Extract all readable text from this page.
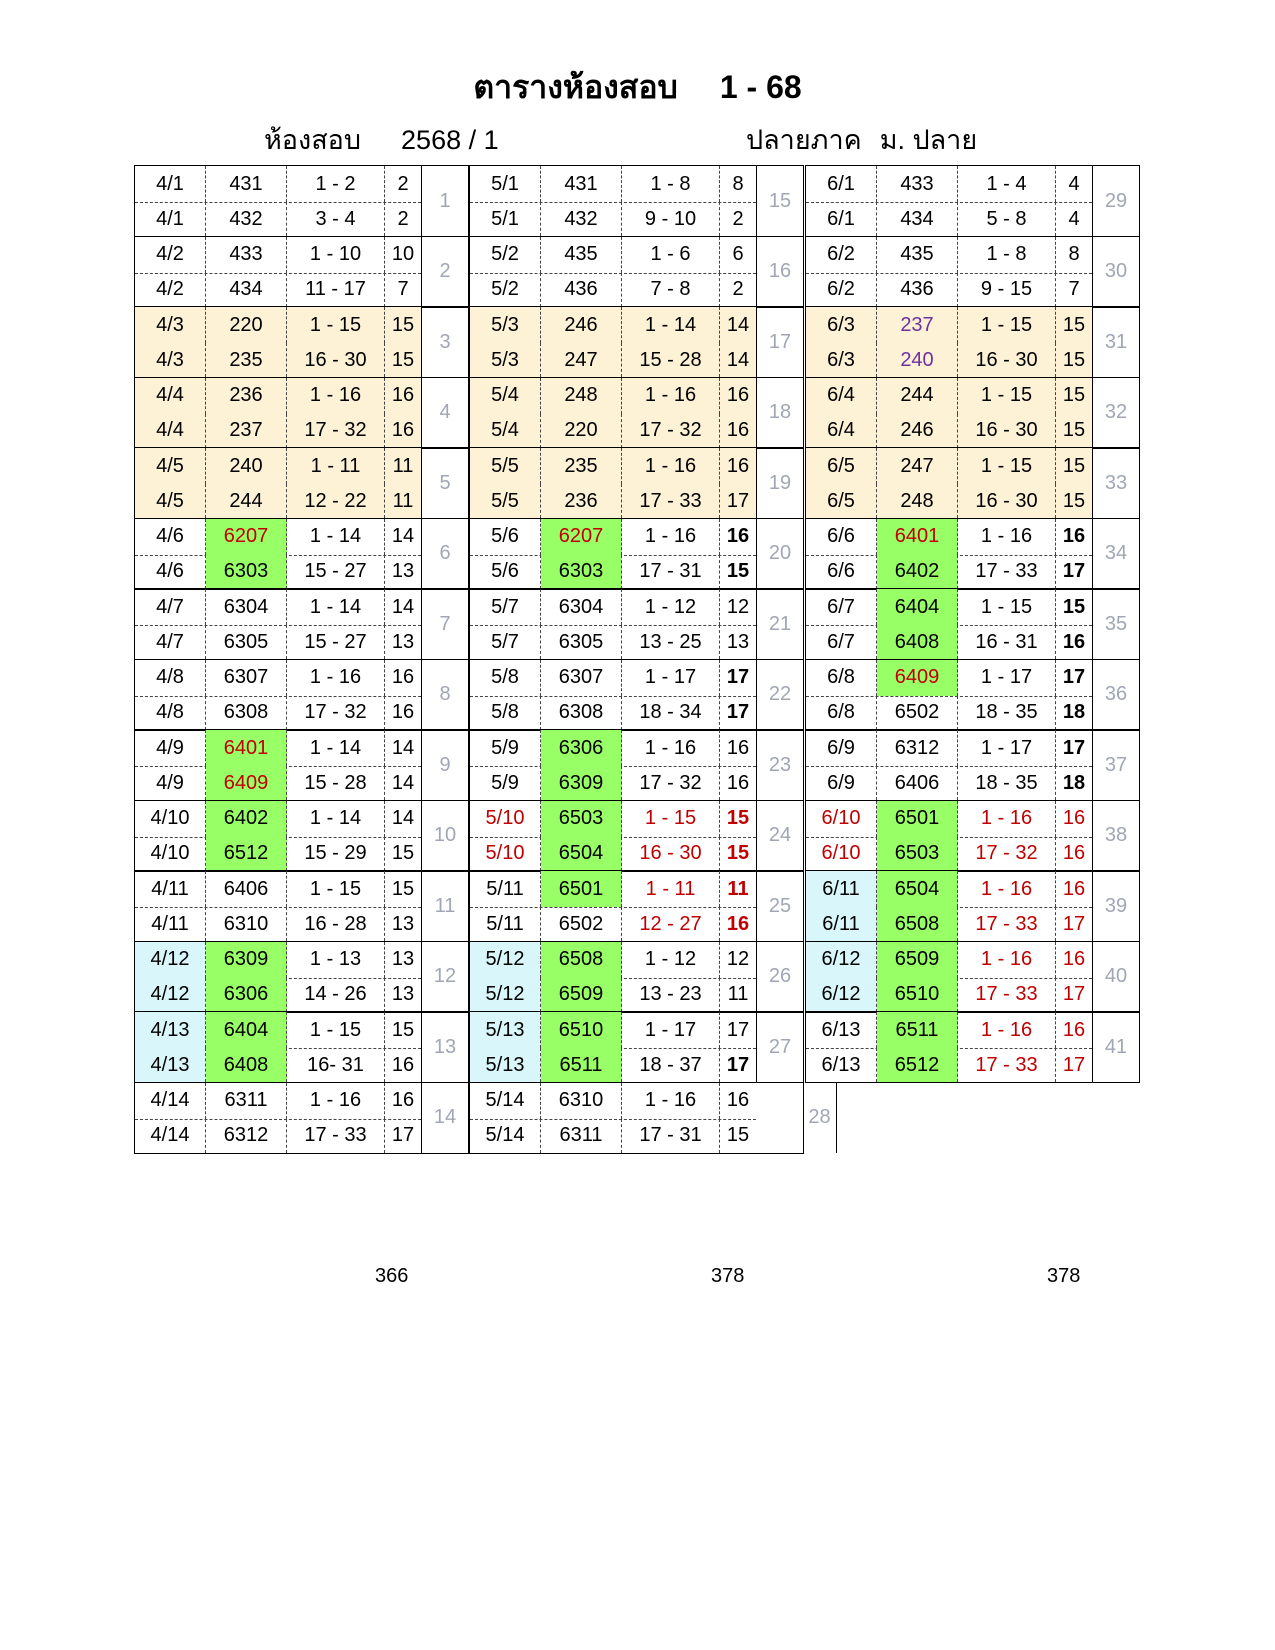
ตารางห้องสอบ 1 - 68
ห้องสอบ 2568 / 1	ปลายภาค ม. ปลาย
4/1	431	1 - 2	2
4/1	432	3 - 4	2
1
4/2	433	1 - 10	10
4/2	434	11 - 17	7
2
4/3	220	1 - 15	15
4/3	235	16 - 30	15
3
4/4	236	1 - 16	16
4/4	237	17 - 32	16
4
4/5	240	1 - 11	11
4/5	244	12 - 22	11
5
4/6	6207	1 - 14	14
4/6	6303	15 - 27	13
6
4/7	6304	1 - 14	14
4/7	6305	15 - 27	13
7
4/8	6307	1 - 16	16
4/8	6308	17 - 32	16
8
4/9	6401	1 - 14	14
4/9	6409	15 - 28	14
9
4/10	6402	1 - 14	14
4/10	6512	15 - 29	15
10
4/11	6406	1 - 15	15
4/11	6310	16 - 28	13
11
4/12	6309	1 - 13	13
4/12	6306	14 - 26	13
12
4/13	6404	1 - 15	15
4/13	6408	16- 31	16
13
4/14	6311	1 - 16	16
4/14	6312	17 - 33	17
14
5/1	431	1 - 8	8
5/1	432	9 - 10	2
15
5/2	435	1 - 6	6
5/2	436	7 - 8	2
16
5/3	246	1 - 14	14
5/3	247	15 - 28	14
17
5/4	248	1 - 16	16
5/4	220	17 - 32	16
18
5/5	235	1 - 16	16
5/5	236	17 - 33	17
19
5/6	6207	1 - 16	16
5/6	6303	17 - 31	15
20
5/7	6304	1 - 12	12
5/7	6305	13 - 25	13
21
5/8	6307	1 - 17	17
5/8	6308	18 - 34	17
22
5/9	6306	1 - 16	16
5/9	6309	17 - 32	16
23
5/10	6503	1 - 15	15
5/10	6504	16 - 30	15
24
5/11	6501	1 - 11	11
5/11	6502	12 - 27	16
25
5/12	6508	1 - 12	12
5/12	6509	13 - 23	11
26
5/13	6510	1 - 17	17
5/13	6511	18 - 37	17
27
5/14	6310	1 - 16	16
5/14	6311	17 - 31	15
28
6/1	433	1 - 4	4
6/1	434	5 - 8	4
29
6/2	435	1 - 8	8
6/2	436	9 - 15	7
30
6/3	237	1 - 15	15
6/3	240	16 - 30	15
31
6/4	244	1 - 15	15
6/4	246	16 - 30	15
32
6/5	247	1 - 15	15
6/5	248	16 - 30	15
33
6/6	6401	1 - 16	16
6/6	6402	17 - 33	17
34
6/7	6404	1 - 15	15
6/7	6408	16 - 31	16
35
6/8	6409	1 - 17	17
6/8	6502	18 - 35	18
36
6/9	6312	1 - 17	17
6/9	6406	18 - 35	18
37
6/10	6501	1 - 16	16
6/10	6503	17 - 32	16
38
6/11	6504	1 - 16	16
6/11	6508	17 - 33	17
39
6/12	6509	1 - 16	16
6/12	6510	17 - 33	17
40
6/13	6511	1 - 16	16
6/13	6512	17 - 33	17
41
366	378	378
